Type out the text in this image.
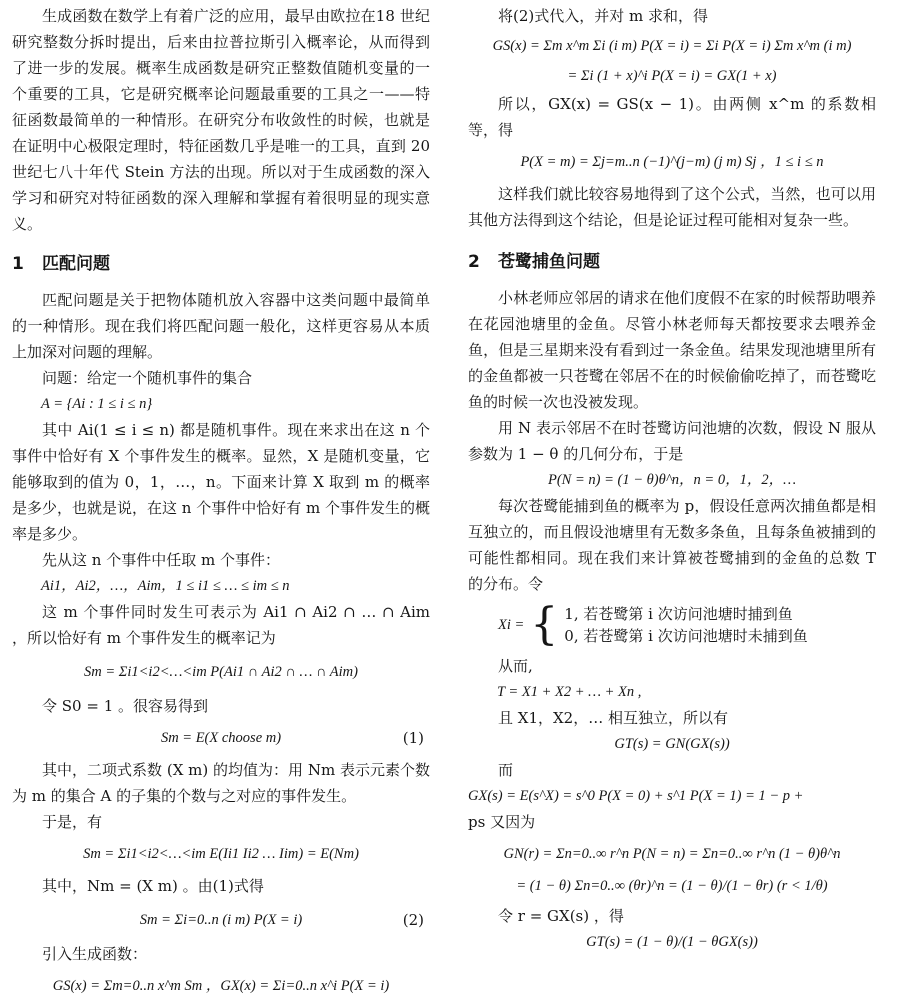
生成函数在数学上有着广泛的应用，最早由欧拉在18 世纪研究整数分拆时提出，后来由拉普拉斯引入概率论，从而得到了进一步的发展。概率生成函数是研究正整数值随机变量的一个重要的工具，它是研究概率论问题最重要的工具之一——特征函数最简单的一种情形。在研究分布收敛性的时候，也就是在证明中心极限定理时，特征函数几乎是唯一的工具，直到 20 世纪七八十年代 Stein 方法的出现。所以对于生成函数的深入学习和研究对特征函数的深入理解和掌握有着很明显的现实意义。

1 匹配问题

匹配问题是关于把物体随机放入容器中这类问题中最简单的一种情形。现在我们将匹配问题一般化，这样更容易从本质上加深对问题的理解。

问题：给定一个随机事件的集合

A = {Ai : 1 ≤ i ≤ n}

其中 Ai(1 ≤ i ≤ n) 都是随机事件。现在来求出在这 n 个事件中恰好有 X 个事件发生的概率。显然，X 是随机变量，它能够取到的值为 0，1，…，n。下面来计算 X 取到 m 的概率是多少，也就是说，在这 n 个事件中恰好有 m 个事件发生的概率是多少。

先从这 n 个事件中任取 m 个事件：

Ai1，Ai2，…，Aim，1 ≤ i1 ≤ … ≤ im ≤ n

这 m 个事件同时发生可表示为 Ai1 ∩ Ai2 ∩ … ∩ Aim ，所以恰好有 m 个事件发生的概率记为

Sm = Σi1<i2<…<im P(Ai1 ∩ Ai2 ∩ … ∩ Aim)

令 S0 = 1 。很容易得到

Sm = E(X choose m)	(1)

其中，二项式系数 (X m) 的均值为：用 Nm 表示元素个数为 m 的集合 A 的子集的个数与之对应的事件发生。

于是，有

Sm = Σi1<i2<…<im E(Ii1 Ii2 … Iim) = E(Nm)

其中，Nm = (X m) 。由(1)式得

Sm = Σi=0..n (i m) P(X = i)	(2)

引入生成函数：

GS(x) = Σm=0..n x^m Sm ，GX(x) = Σi=0..n x^i P(X = i)

将(2)式代入，并对 m 求和，得

GS(x) = Σm x^m Σi (i m) P(X = i) = Σi P(X = i) Σm x^m (i m)

= Σi (1 + x)^i P(X = i) = GX(1 + x)

所以，GX(x) = GS(x − 1)。由两侧 x^m 的系数相等，得

P(X = m) = Σj=m..n (−1)^(j−m) (j m) Sj ，1 ≤ i ≤ n

这样我们就比较容易地得到了这个公式，当然，也可以用其他方法得到这个结论，但是论证过程可能相对复杂一些。

2 苍鹭捕鱼问题

小林老师应邻居的请求在他们度假不在家的时候帮助喂养在花园池塘里的金鱼。尽管小林老师每天都按要求去喂养金鱼，但是三星期来没有看到过一条金鱼。结果发现池塘里所有的金鱼都被一只苍鹭在邻居不在的时候偷偷吃掉了，而苍鹭吃鱼的时候一次也没被发现。

用 N 表示邻居不在时苍鹭访问池塘的次数，假设 N 服从参数为 1 − θ 的几何分布，于是

P(N = n) = (1 − θ)θ^n，n = 0，1，2，…

每次苍鹭能捕到鱼的概率为 p，假设任意两次捕鱼都是相互独立的，而且假设池塘里有无数多条鱼，且每条鱼被捕到的可能性都相同。现在我们来计算被苍鹭捕到的金鱼的总数 T 的分布。令

Xi = { 1, 若苍鹭第 i 次访问池塘时捕到鱼
0, 若苍鹭第 i 次访问池塘时未捕到鱼

从而,

T = X1 + X2 + … + Xn ,

且 X1，X2，… 相互独立，所以有

GT(s) = GN(GX(s))

而

GX(s) = E(s^X) = s^0 P(X = 0) + s^1 P(X = 1) = 1 − p +

ps 又因为

GN(r) = Σn=0..∞ r^n P(N = n) = Σn=0..∞ r^n (1 − θ)θ^n

= (1 − θ) Σn=0..∞ (θr)^n = (1 − θ)/(1 − θr) (r < 1/θ)

令 r = GX(s) ，得

GT(s) = (1 − θ)/(1 − θGX(s))
